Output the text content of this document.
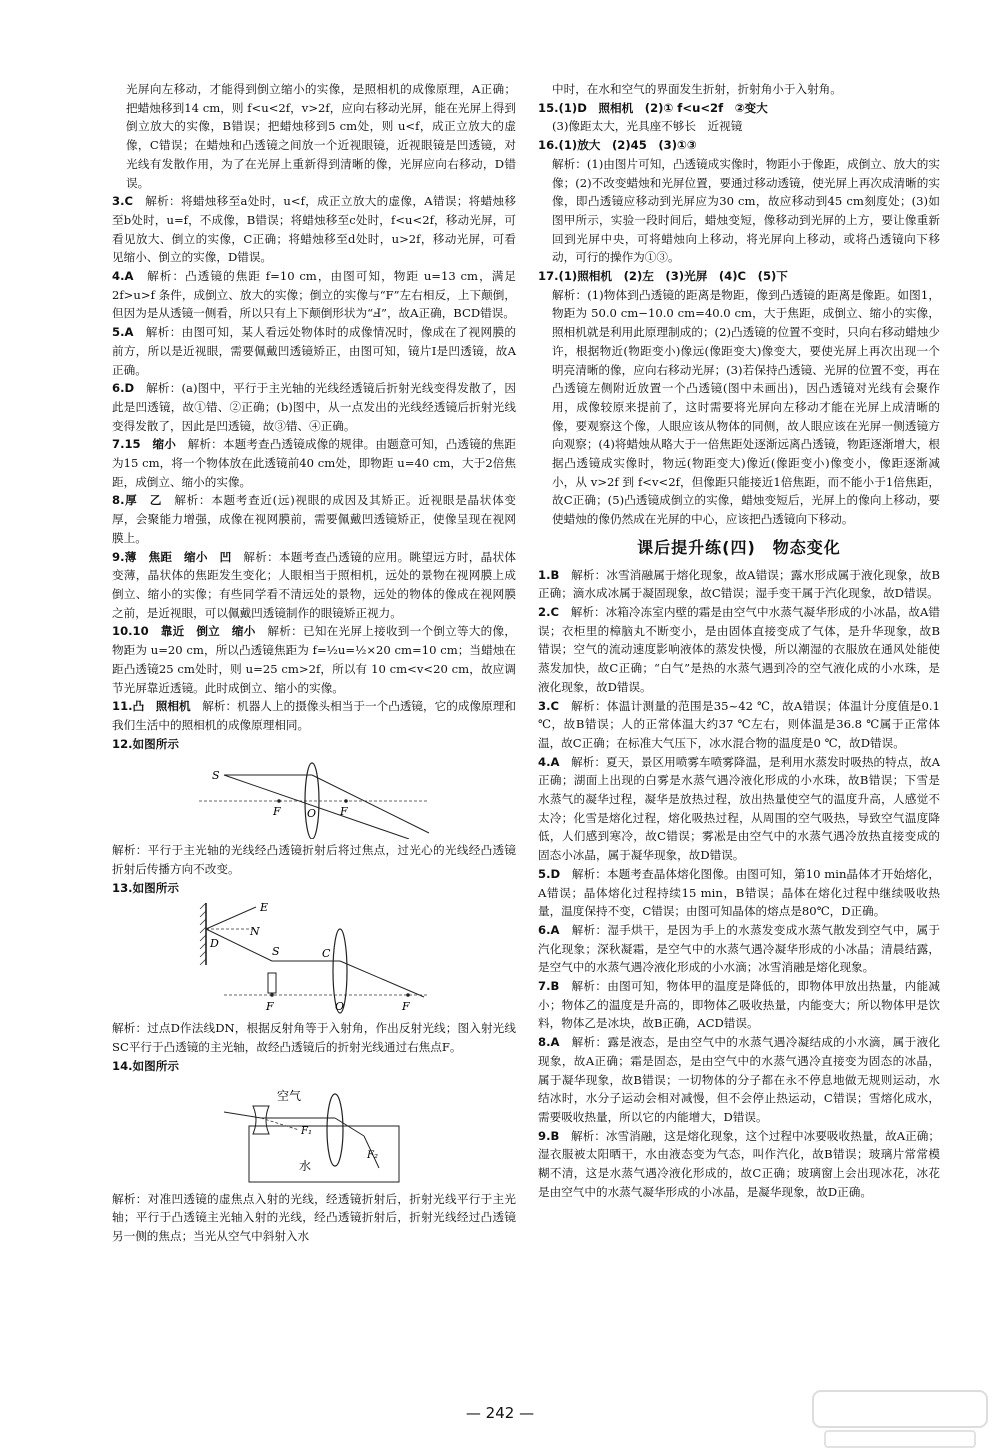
光屏向左移动，才能得到倒立缩小的实像，是照相机的成像原理，A正确；把蜡烛移到14 cm，则 f<u<2f，v>2f，应向右移动光屏，能在光屏上得到倒立放大的实像，B错误；把蜡烛移到5 cm处，则 u<f，成正立放大的虚像，C错误；在蜡烛和凸透镜之间放一个近视眼镜，近视眼镜是凹透镜，对光线有发散作用，为了在光屏上重新得到清晰的像，光屏应向右移动，D错误。

3.C　 解析：将蜡烛移至a处时，u<f，成正立放大的虚像，A错误；将蜡烛移至b处时，u=f，不成像，B错误；将蜡烛移至c处时，f<u<2f，移动光屏，可看见放大、倒立的实像，C正确；将蜡烛移至d处时，u>2f，移动光屏，可看见缩小、倒立的实像，D错误。

4.A　 解析：凸透镜的焦距 f=10 cm，由图可知，物距 u=13 cm，满足 2f>u>f 条件，成倒立、放大的实像；倒立的实像与“F”左右相反，上下颠倒，但因为是从透镜一侧看，所以只有上下颠倒形状为“Ⅎ”，故A正确，BCD错误。

5.A　 解析：由图可知，某人看远处物体时的成像情况时，像成在了视网膜的前方，所以是近视眼，需要佩戴凹透镜矫正，由图可知，镜片Ⅰ是凹透镜，故A正确。

6.D　 解析：(a)图中，平行于主光轴的光线经透镜后折射光线变得发散了，因此是凹透镜，故①错、②正确；(b)图中，从一点发出的光线经透镜后折射光线变得发散了，因此是凹透镜，故③错、④正确。

7.15　缩小　 解析：本题考查凸透镜成像的规律。由题意可知，凸透镜的焦距为15 cm，将一个物体放在此透镜前40 cm处，即物距 u=40 cm，大于2倍焦距，成倒立、缩小的实像。

8.厚　乙　 解析：本题考查近(远)视眼的成因及其矫正。近视眼是晶状体变厚，会聚能力增强，成像在视网膜前，需要佩戴凹透镜矫正，使像呈现在视网膜上。

9.薄　焦距　缩小　凹　 解析：本题考查凸透镜的应用。眺望远方时，晶状体变薄，晶状体的焦距发生变化；人眼相当于照相机，远处的景物在视网膜上成倒立、缩小的实像；有些同学看不清远处的景物，远处的物体的像成在视网膜之前，是近视眼，可以佩戴凹透镜制作的眼镜矫正视力。

10.10　靠近　倒立　缩小　 解析：已知在光屏上接收到一个倒立等大的像，物距为 u=20 cm，所以凸透镜焦距为 f=½u=½×20 cm=10 cm；当蜡烛在距凸透镜25 cm处时，则 u=25 cm>2f，所以有 10 cm<v<20 cm，故应调节光屏靠近透镜。此时成倒立、缩小的实像。

11.凸　照相机　 解析：机器人上的摄像头相当于一个凸透镜，它的成像原理和我们生活中的照相机的成像原理相同。

12.如图所示

S
F O F

解析：平行于主光轴的光线经凸透镜折射后将过焦点，过光心的光线经凸透镜折射后传播方向不改变。

13.如图所示

E
N
D
S	C
F	O	F

解析：过点D作法线DN，根据反射角等于入射角，作出反射光线；图入射光线SC平行于凸透镜的主光轴，故经凸透镜后的折射光线通过右焦点F。

14.如图所示

空气
水
F₁
F₂

解析：对准凹透镜的虚焦点入射的光线，经透镜折射后，折射光线平行于主光轴；平行于凸透镜主光轴入射的光线，经凸透镜折射后，折射光线经过凸透镜另一侧的焦点；当光从空气中斜射入水

中时，在水和空气的界面发生折射，折射角小于入射角。

15.(1)D　照相机　(2)① f<u<2f　②变大

(3)像距太大，光具座不够长　近视镜

16.(1)放大　(2)45　(3)①③

解析：(1)由图片可知，凸透镜成实像时，物距小于像距，成倒立、放大的实像；(2)不改变蜡烛和光屏位置，要通过移动透镜，使光屏上再次成清晰的实像，即凸透镜应移动到光屏应为30 cm，故应移动到45 cm刻度处；(3)如图甲所示，实验一段时间后，蜡烛变短，像移动到光屏的上方，要让像重新回到光屏中央，可将蜡烛向上移动，将光屏向上移动，或将凸透镜向下移动，可行的操作为①③。

17.(1)照相机　(2)左　(3)光屏　(4)C　(5)下

解析：(1)物体到凸透镜的距离是物距，像到凸透镜的距离是像距。如图1，物距为 50.0 cm−10.0 cm=40.0 cm，大于焦距，成倒立、缩小的实像，照相机就是利用此原理制成的；(2)凸透镜的位置不变时，只向右移动蜡烛少许，根据物近(物距变小)像远(像距变大)像变大，要使光屏上再次出现一个明亮清晰的像，应向右移动光屏；(3)若保持凸透镜、光屏的位置不变，再在凸透镜左侧附近放置一个凸透镜(图中未画出)，因凸透镜对光线有会聚作用，成像较原来提前了，这时需要将光屏向左移动才能在光屏上成清晰的像，要观察这个像，人眼应该从物体的同侧，故人眼应该在光屏一侧透镜方向观察；(4)将蜡烛从略大于一倍焦距处逐渐远离凸透镜，物距逐渐增大，根据凸透镜成实像时，物远(物距变大)像近(像距变小)像变小，像距逐渐减小，从 v>2f 到 f<v<2f，但像距只能接近1倍焦距，而不能小于1倍焦距，故C正确；(5)凸透镜成倒立的实像，蜡烛变短后，光屏上的像向上移动，要使蜡烛的像仍然成在光屏的中心，应该把凸透镜向下移动。

课后提升练(四)　物态变化

1.B　 解析：冰雪消融属于熔化现象，故A错误；露水形成属于液化现象，故B正确；滴水成冰属于凝固现象，故C错误；湿手变干属于汽化现象，故D错误。

2.C　 解析：冰箱冷冻室内壁的霜是由空气中水蒸气凝华形成的小冰晶，故A错误；衣柜里的樟脑丸不断变小，是由固体直接变成了气体，是升华现象，故B错误；空气的流动速度影响液体的蒸发快慢，所以潮湿的衣服放在通风处能使蒸发加快，故C正确；“白气”是热的水蒸气遇到冷的空气液化成的小水珠，是液化现象，故D错误。

3.C　 解析：体温计测量的范围是35~42 ℃，故A错误；体温计分度值是0.1 ℃，故B错误；人的正常体温大约37 ℃左右，则体温是36.8 ℃属于正常体温，故C正确；在标准大气压下，冰水混合物的温度是0 ℃，故D错误。

4.A　 解析：夏天，景区用喷雾车喷雾降温，是利用水蒸发时吸热的特点，故A正确；湖面上出现的白雾是水蒸气遇冷液化形成的小水珠，故B错误；下雪是水蒸气的凝华过程，凝华是放热过程，放出热量使空气的温度升高，人感觉不太冷；化雪是熔化过程，熔化吸热过程，从周围的空气吸热，导致空气温度降低，人们感到寒冷，故C错误；雾凇是由空气中的水蒸气遇冷放热直接变成的固态小冰晶，属于凝华现象，故D错误。

5.D　 解析：本题考查晶体熔化图像。由图可知，第10 min晶体才开始熔化，A错误；晶体熔化过程持续15 min，B错误；晶体在熔化过程中继续吸收热量，温度保持不变，C错误；由图可知晶体的熔点是80℃，D正确。

6.A　 解析：湿手烘干，是因为手上的水蒸发变成水蒸气散发到空气中，属于汽化现象；深秋凝霜，是空气中的水蒸气遇冷凝华形成的小冰晶；清晨结露，是空气中的水蒸气遇冷液化形成的小水滴；冰雪消融是熔化现象。

7.B　 解析：由图可知，物体甲的温度是降低的，即物体甲放出热量，内能减小；物体乙的温度是升高的，即物体乙吸收热量，内能变大；所以物体甲是饮料，物体乙是冰块，故B正确，ACD错误。

8.A　 解析：露是液态，是由空气中的水蒸气遇冷凝结成的小水滴，属于液化现象，故A正确；霜是固态，是由空气中的水蒸气遇冷直接变为固态的冰晶，属于凝华现象，故B错误；一切物体的分子都在永不停息地做无规则运动，水结冰时，水分子运动会相对减慢，但不会停止热运动，C错误；雪熔化成水，需要吸收热量，所以它的内能增大，D错误。

9.B　 解析：冰雪消融，这是熔化现象，这个过程中冰要吸收热量，故A正确；湿衣服被太阳晒干，水由液态变为气态，叫作汽化，故B错误；玻璃片常常模糊不清，这是水蒸气遇冷液化形成的，故C正确；玻璃窗上会出现冰花，冰花是由空气中的水蒸气凝华形成的小冰晶，是凝华现象，故D正确。

— 242 —
